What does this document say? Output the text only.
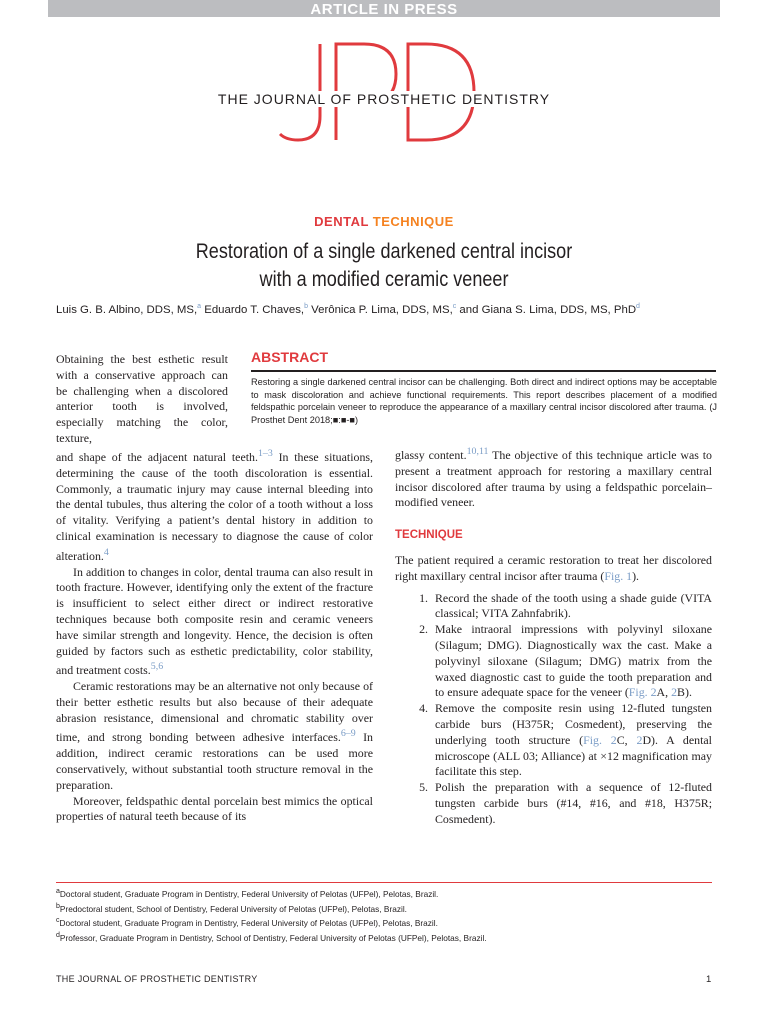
ARTICLE IN PRESS
THE JOURNAL OF PROSTHETIC DENTISTRY
DENTAL TECHNIQUE
Restoration of a single darkened central incisor
with a modified ceramic veneer
Luis G. B. Albino, DDS, MS,$^a$ Eduardo T. Chaves,$^b$ Verônica P. Lima, DDS, MS,$^c$ and Giana S. Lima, DDS, MS, PhD$^d$
ABSTRACT
Restoring a single darkened central incisor can be challenging. Both direct and indirect options may be acceptable to mask discoloration and achieve functional requirements. This report describes placement of a modified feldspathic porcelain veneer to reproduce the appearance of a maxillary central incisor discolored after trauma. (J Prosthet Dent 2018;■:■-■)
Obtaining the best esthetic result with a conservative approach can be challenging when a discolored anterior tooth is involved, especially matching the color, texture,

and shape of the adjacent natural teeth.$^{1-3}$ In these situations, determining the cause of the tooth discoloration is essential. Commonly, a traumatic injury may cause internal bleeding into the dental tubules, thus altering the color of a tooth without a loss of vitality. Verifying a patient’s dental history in addition to clinical examination is necessary to diagnose the cause of color alteration.$^4$

In addition to changes in color, dental trauma can also result in tooth fracture. However, identifying only the extent of the fracture is insufficient to select either direct or indirect restorative techniques because both composite resin and ceramic veneers have similar strength and longevity. Hence, the decision is often guided by factors such as esthetic predictability, color stability, and treatment costs.$^{5,6}$

Ceramic restorations may be an alternative not only because of their better esthetic results but also because of their adequate abrasion resistance, dimensional and chromatic stability over time, and strong bonding between adhesive interfaces.$^{6-9}$ In addition, indirect ceramic restorations can be used more conservatively, without substantial tooth structure removal in the preparation.

Moreover, feldspathic dental porcelain best mimics the optical properties of natural teeth because of its

glassy content.$^{10,11}$ The objective of this technique article was to present a treatment approach for restoring a maxillary central incisor discolored after trauma by using a feldspathic porcelain–modified veneer.

TECHNIQUE

The patient required a ceramic restoration to treat her discolored right maxillary central incisor after trauma (Fig. 1).

1. Record the shade of the tooth using a shade guide (VITA classical; VITA Zahnfabrik).
2. Make intraoral impressions with polyvinyl siloxane (Silagum; DMG). Diagnostically wax the cast. Make a polyvinyl siloxane (Silagum; DMG) matrix from the waxed diagnostic cast to guide the tooth preparation and to ensure adequate space for the veneer (Fig. 2A, 2B).
4. Remove the composite resin using 12-fluted tungsten carbide burs (H375R; Cosmedent), preserving the underlying tooth structure (Fig. 2C, 2D). A dental microscope (ALL 03; Alliance) at ×12 magnification may facilitate this step.
5. Polish the preparation with a sequence of 12-fluted tungsten carbide burs (#14, #16, and #18, H375R; Cosmedent).
$^a$Doctoral student, Graduate Program in Dentistry, Federal University of Pelotas (UFPel), Pelotas, Brazil.
$^b$Predoctoral student, School of Dentistry, Federal University of Pelotas (UFPel), Pelotas, Brazil.
$^c$Doctoral student, Graduate Program in Dentistry, Federal University of Pelotas (UFPel), Pelotas, Brazil.
$^d$Professor, Graduate Program in Dentistry, School of Dentistry, Federal University of Pelotas (UFPel), Pelotas, Brazil.
THE JOURNAL OF PROSTHETIC DENTISTRY	1
